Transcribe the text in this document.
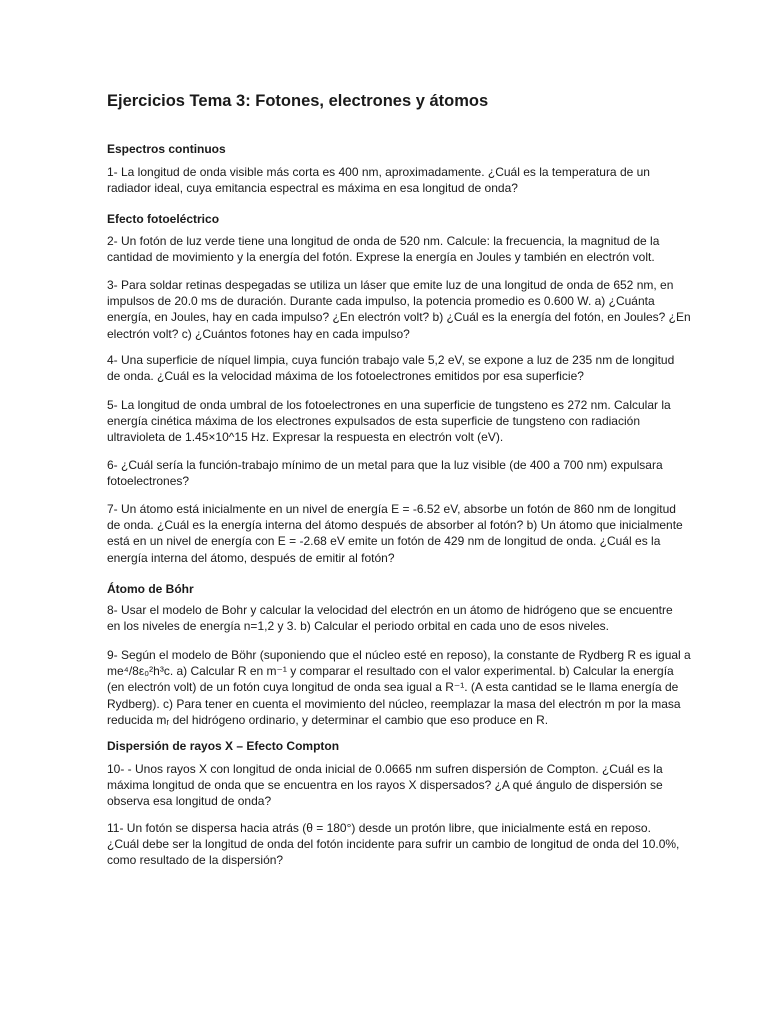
Ejercicios Tema 3: Fotones, electrones y átomos
Espectros continuos

1- La longitud de onda visible más corta es 400 nm, aproximadamente. ¿Cuál es la temperatura de un
radiador ideal, cuya emitancia espectral es máxima en esa longitud de onda?

Efecto fotoeléctrico

2- Un fotón de luz verde tiene una longitud de onda de 520 nm. Calcule: la frecuencia, la magnitud de la
cantidad de movimiento y la energía del fotón. Exprese la energía en Joules y también en electrón volt.

3- Para soldar retinas despegadas se utiliza un láser que emite luz de una longitud de onda de 652 nm, en
impulsos de 20.0 ms de duración. Durante cada impulso, la potencia promedio es 0.600 W. a) ¿Cuánta
energía, en Joules, hay en cada impulso? ¿En electrón volt? b) ¿Cuál es la energía del fotón, en Joules? ¿En
electrón volt? c) ¿Cuántos fotones hay en cada impulso?

4- Una superficie de níquel limpia, cuya función trabajo vale 5,2 eV, se expone a luz de 235 nm de longitud
de onda. ¿Cuál es la velocidad máxima de los fotoelectrones emitidos por esa superficie?

5- La longitud de onda umbral de los fotoelectrones en una superficie de tungsteno es 272 nm. Calcular la
energía cinética máxima de los electrones expulsados de esta superficie de tungsteno con radiación
ultravioleta de 1.45×10^15 Hz. Expresar la respuesta en electrón volt (eV).

6- ¿Cuál sería la función-trabajo mínimo de un metal para que la luz visible (de 400 a 700 nm) expulsara
fotoelectrones?

7- Un átomo está inicialmente en un nivel de energía E = -6.52 eV, absorbe un fotón de 860 nm de longitud
de onda. ¿Cuál es la energía interna del átomo después de absorber al fotón? b) Un átomo que inicialmente
está en un nivel de energía con E = -2.68 eV emite un fotón de 429 nm de longitud de onda. ¿Cuál es la
energía interna del átomo, después de emitir al fotón?

Átomo de Bóhr

8- Usar el modelo de Bohr y calcular la velocidad del electrón en un átomo de hidrógeno que se encuentre
en los niveles de energía n=1,2 y 3. b) Calcular el periodo orbital en cada uno de esos niveles.

9- Según el modelo de Böhr (suponiendo que el núcleo esté en reposo), la constante de Rydberg R es igual a
me⁴/8ε₀²h³c. a) Calcular R en m⁻¹ y comparar el resultado con el valor experimental. b) Calcular la energía
(en electrón volt) de un fotón cuya longitud de onda sea igual a R⁻¹. (A esta cantidad se le llama energía de
Rydberg). c) Para tener en cuenta el movimiento del núcleo, reemplazar la masa del electrón m por la masa
reducida mᵣ del hidrógeno ordinario, y determinar el cambio que eso produce en R.

Dispersión de rayos X – Efecto Compton

10- - Unos rayos X con longitud de onda inicial de 0.0665 nm sufren dispersión de Compton. ¿Cuál es la
máxima longitud de onda que se encuentra en los rayos X dispersados? ¿A qué ángulo de dispersión se
observa esa longitud de onda?

11- Un fotón se dispersa hacia atrás (θ = 180°) desde un protón libre, que inicialmente está en reposo.
¿Cuál debe ser la longitud de onda del fotón incidente para sufrir un cambio de longitud de onda del 10.0%,
como resultado de la dispersión?
